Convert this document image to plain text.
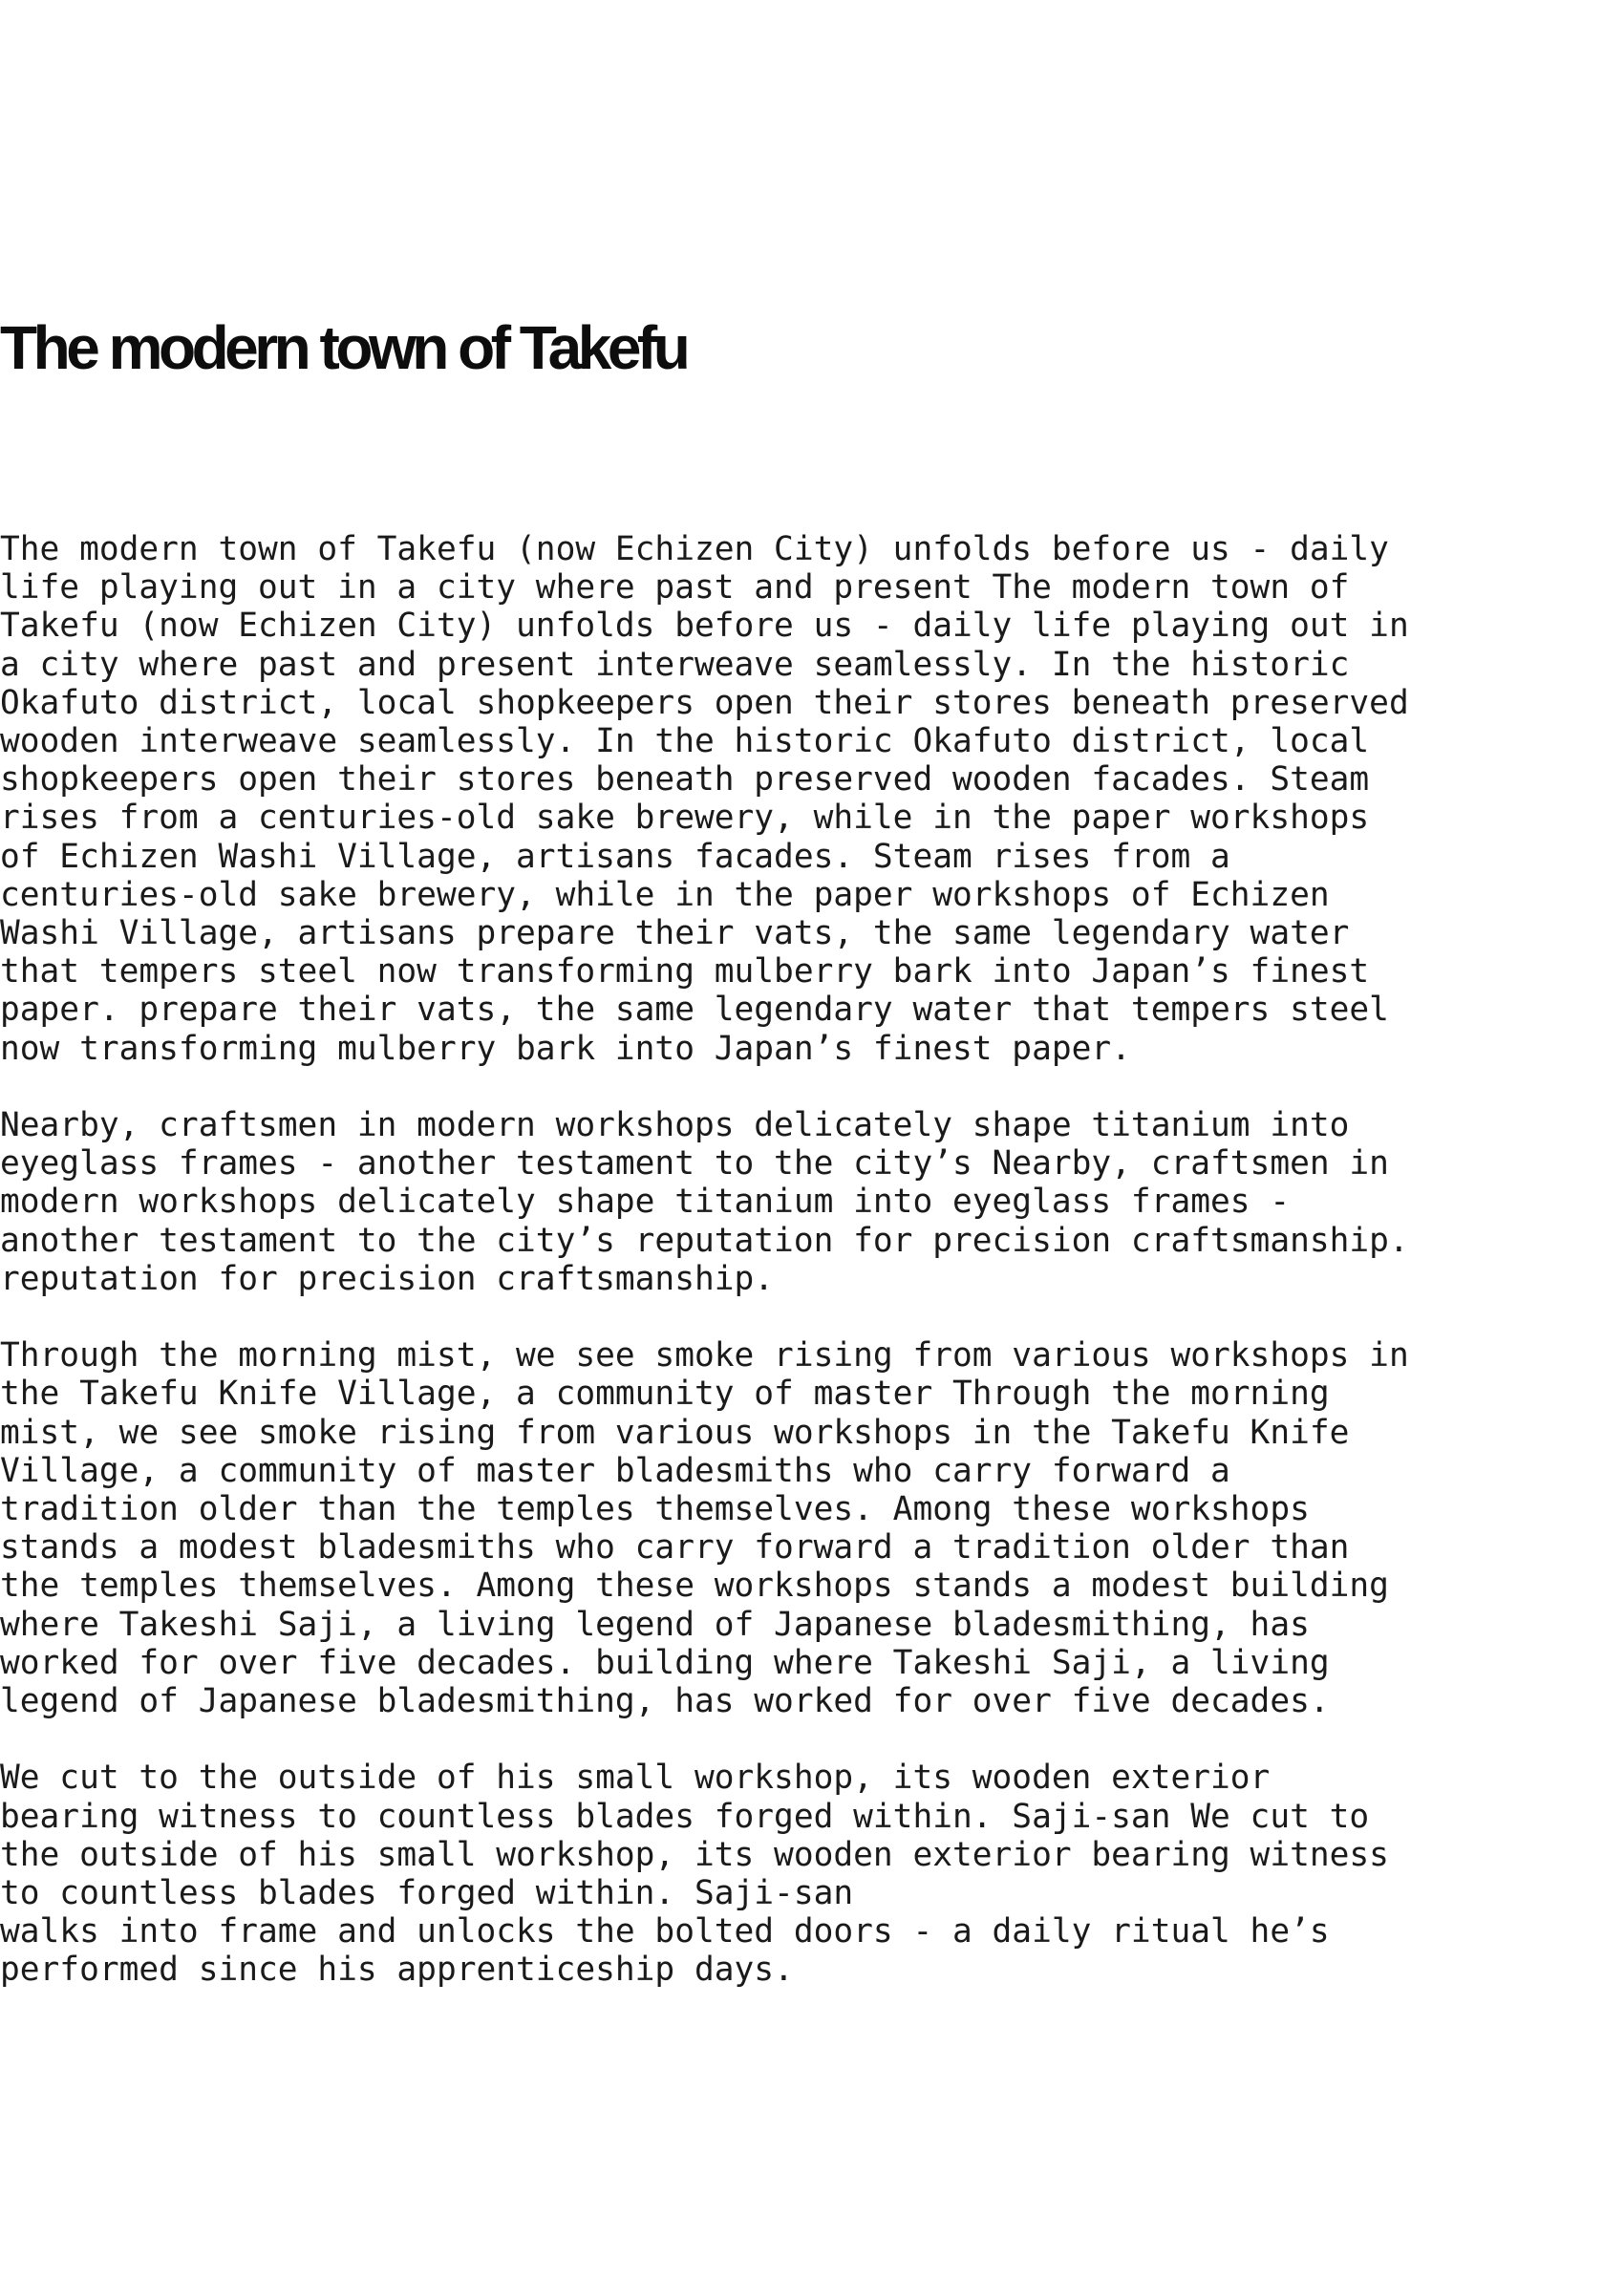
The modern town of Takefu

The modern town of Takefu (now Echizen City) unfolds before us - daily
life playing out in a city where past and present The modern town of
Takefu (now Echizen City) unfolds before us - daily life playing out in
a city where past and present interweave seamlessly. In the historic
Okafuto district, local shopkeepers open their stores beneath preserved
wooden interweave seamlessly. In the historic Okafuto district, local
shopkeepers open their stores beneath preserved wooden facades. Steam
rises from a centuries-old sake brewery, while in the paper workshops
of Echizen Washi Village, artisans facades. Steam rises from a
centuries-old sake brewery, while in the paper workshops of Echizen
Washi Village, artisans prepare their vats, the same legendary water
that tempers steel now transforming mulberry bark into Japan’s finest
paper. prepare their vats, the same legendary water that tempers steel
now transforming mulberry bark into Japan’s finest paper.

Nearby, craftsmen in modern workshops delicately shape titanium into
eyeglass frames - another testament to the city’s Nearby, craftsmen in
modern workshops delicately shape titanium into eyeglass frames -
another testament to the city’s reputation for precision craftsmanship.
reputation for precision craftsmanship.

Through the morning mist, we see smoke rising from various workshops in
the Takefu Knife Village, a community of master Through the morning
mist, we see smoke rising from various workshops in the Takefu Knife
Village, a community of master bladesmiths who carry forward a
tradition older than the temples themselves. Among these workshops
stands a modest bladesmiths who carry forward a tradition older than
the temples themselves. Among these workshops stands a modest building
where Takeshi Saji, a living legend of Japanese bladesmithing, has
worked for over five decades. building where Takeshi Saji, a living
legend of Japanese bladesmithing, has worked for over five decades.

We cut to the outside of his small workshop, its wooden exterior
bearing witness to countless blades forged within. Saji-san We cut to
the outside of his small workshop, its wooden exterior bearing witness
to countless blades forged within. Saji-san
walks into frame and unlocks the bolted doors - a daily ritual he’s
performed since his apprenticeship days.
